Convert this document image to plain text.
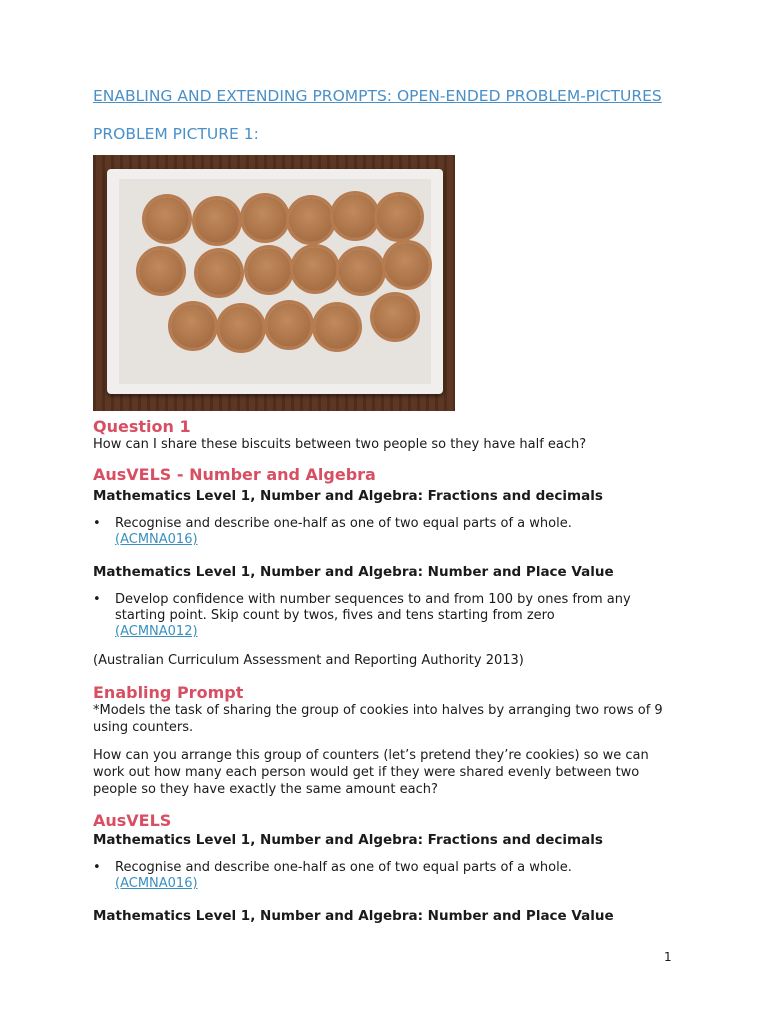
ENABLING AND EXTENDING PROMPTS: OPEN-ENDED PROBLEM-PICTURES
PROBLEM PICTURE 1:
Question 1

How can I share these biscuits between two people so they have half each?

AusVELS - Number and Algebra

Mathematics Level 1, Number and Algebra: Fractions and decimals

•	Recognise and describe one-half as one of two equal parts of a whole.
(ACMNA016)

Mathematics Level 1, Number and Algebra: Number and Place Value

•	Develop confidence with number sequences to and from 100 by ones from any starting point. Skip count by twos, fives and tens starting from zero
(ACMNA012)

(Australian Curriculum Assessment and Reporting Authority 2013)

Enabling Prompt

*Models the task of sharing the group of cookies into halves by arranging two rows of 9 using counters.

How can you arrange this group of counters (let’s pretend they’re cookies) so we can work out how many each person would get if they were shared evenly between two people so they have exactly the same amount each?

AusVELS

Mathematics Level 1, Number and Algebra: Fractions and decimals

•	Recognise and describe one-half as one of two equal parts of a whole.
(ACMNA016)

Mathematics Level 1, Number and Algebra: Number and Place Value

1
